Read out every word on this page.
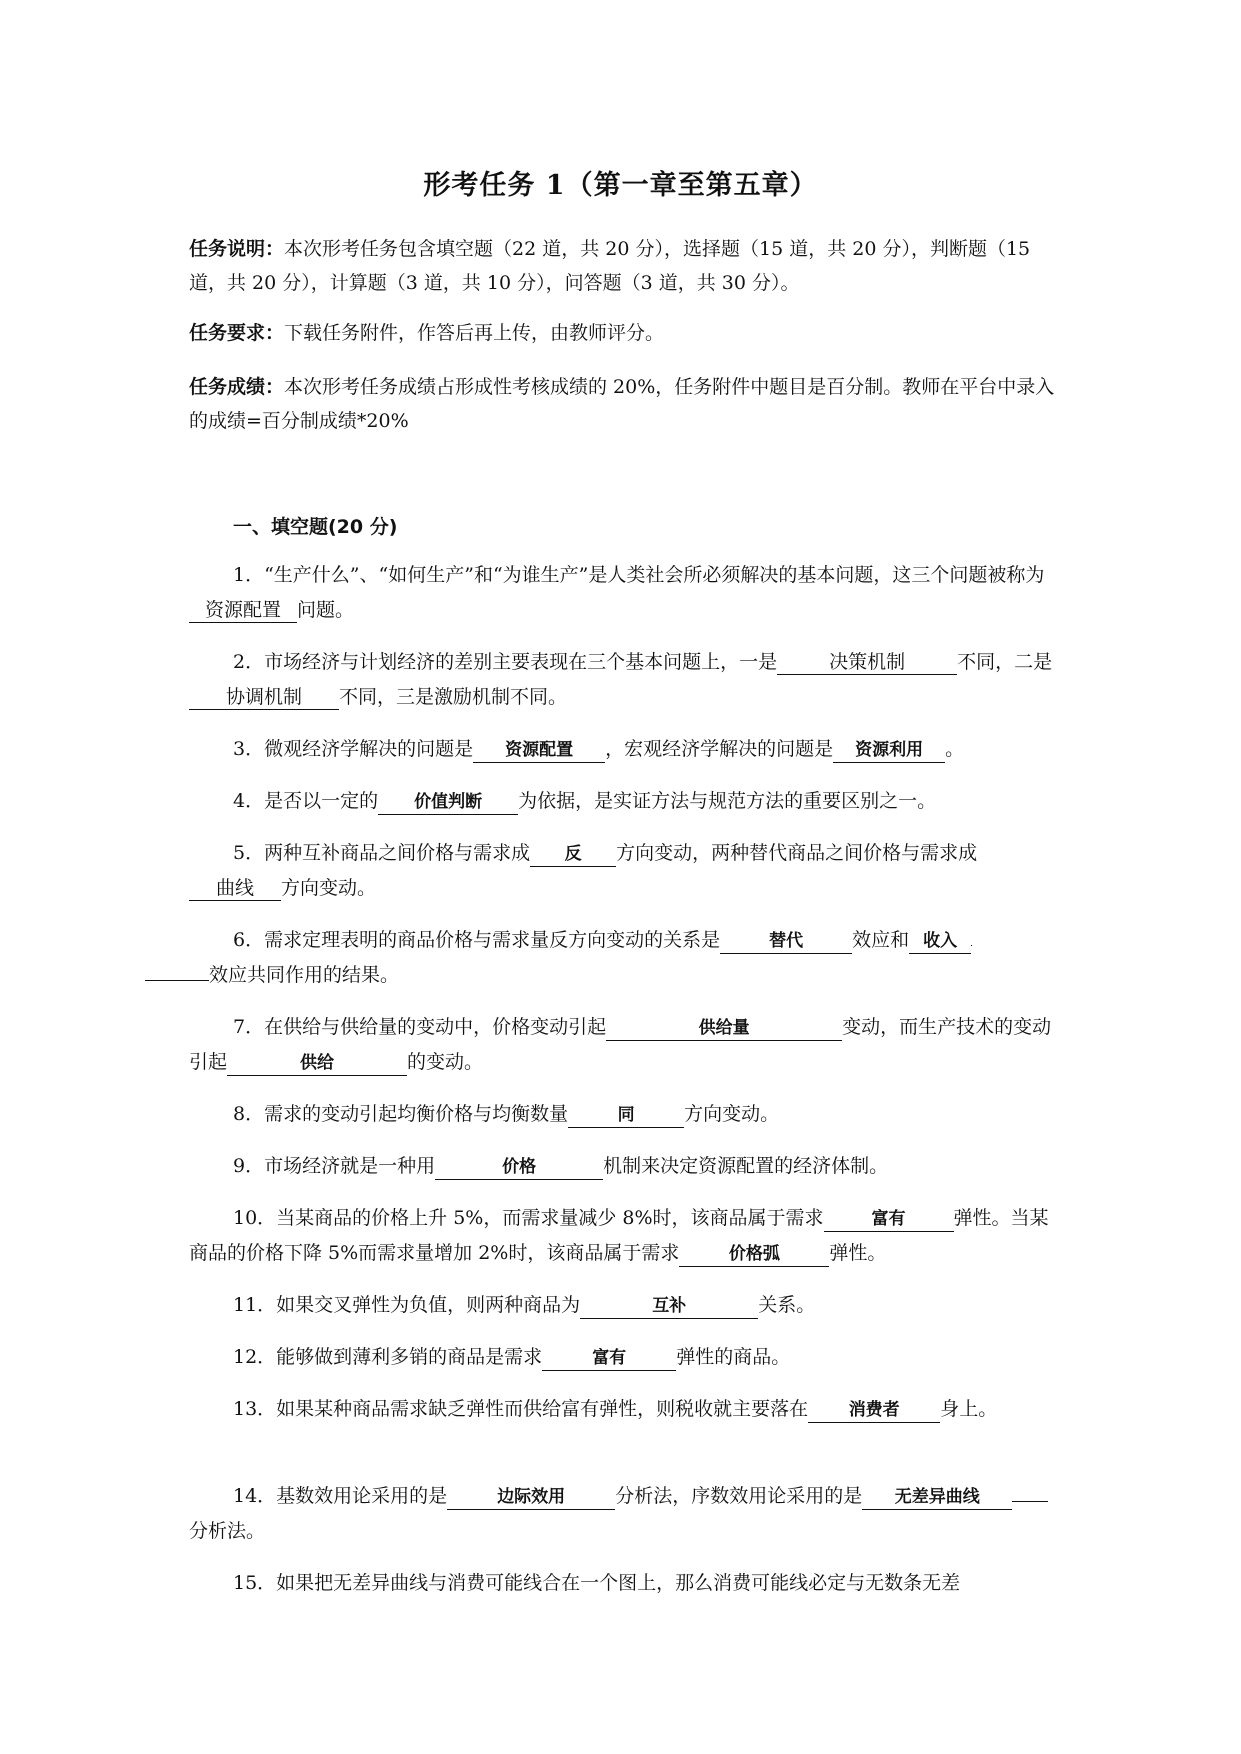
形考任务 1（第一章至第五章）
任务说明：本次形考任务包含填空题（22 道，共 20 分），选择题（15 道，共 20 分），判断题（15 道，共 20 分），计算题（3 道，共 10 分），问答题（3 道，共 30 分）。
任务要求：下载任务附件，作答后再上传，由教师评分。
任务成绩：本次形考任务成绩占形成性考核成绩的 20%，任务附件中题目是百分制。教师在平台中录入的成绩=百分制成绩*20%
一、填空题(20 分)
1．“生产什么”、“如何生产”和“为谁生产”是人类社会所必须解决的基本问题，这三个问题被称为资源配置 问题。
2．市场经济与计划经济的差别主要表现在三个基本问题上，一是	决策机制	不同，二是协调机制 不同，三是激励机制不同。
3．微观经济学解决的问题是 资源配置 ，宏观经济学解决的问题是 资源利用 。
4．是否以一定的 价值判断 为依据，是实证方法与规范方法的重要区别之一。
5．两种互补商品之间价格与需求成 反 方向变动，两种替代商品之间价格与需求成曲线 方向变动。
6．需求定理表明的商品价格与需求量反方向变动的关系是	替代	效应和 收入
效应共同作用的结果。
7．在供给与供给量的变动中，价格变动引起	供给量	变动，而生产技术的变动引起	供给	的变动。
8．需求的变动引起均衡价格与均衡数量	同	方向变动。
9．市场经济就是一种用	价格	机制来决定资源配置的经济体制。
10．当某商品的价格上升 5%，而需求量减少 8%时，该商品属于需求	富有	弹性。当某商品的价格下降 5%而需求量增加 2%时，该商品属于需求	价格弧	弹性。
11．如果交叉弹性为负值，则两种商品为	互补	关系。
12．能够做到薄利多销的商品是需求	富有	弹性的商品。
13．如果某种商品需求缺乏弹性而供给富有弹性，则税收就主要落在 消费者 身上。
14．基数效用论采用的是	边际效用	分析法，序数效用论采用的是 无差异曲线分析法。
15．如果把无差异曲线与消费可能线合在一个图上，那么消费可能线必定与无数条无差
